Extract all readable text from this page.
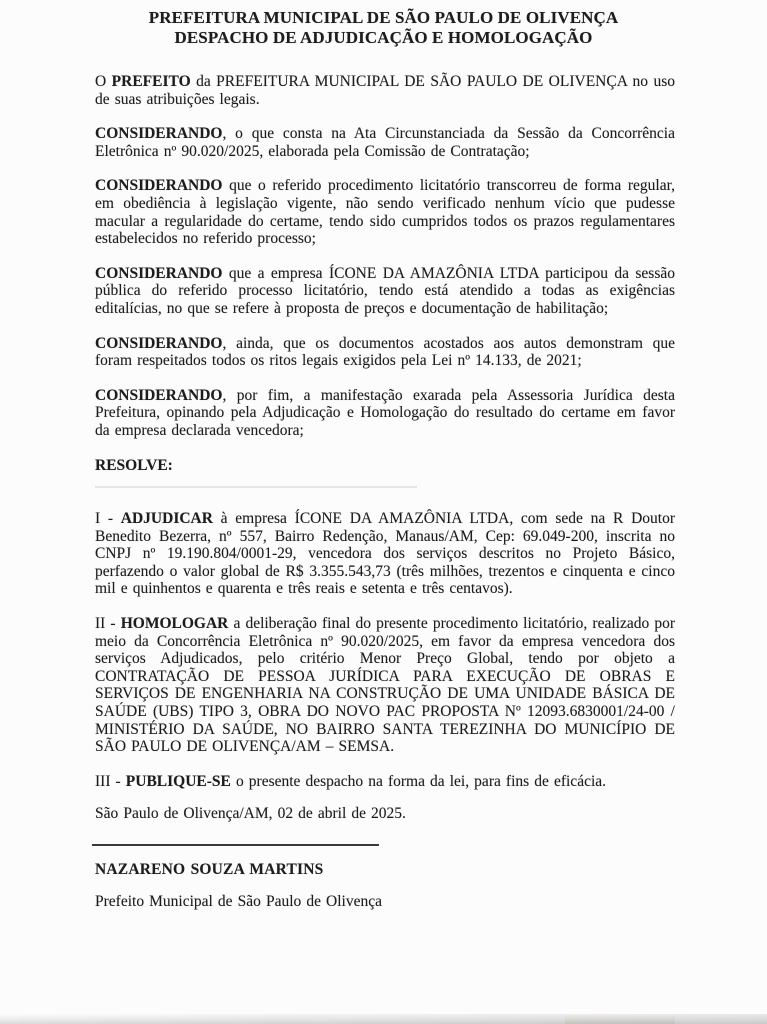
PREFEITURA MUNICIPAL DE SÃO PAULO DE OLIVENÇA
DESPACHO DE ADJUDICAÇÃO E HOMOLOGAÇÃO

O PREFEITO da PREFEITURA MUNICIPAL DE SÃO PAULO DE OLIVENÇA no uso de suas atribuições legais.

CONSIDERANDO, o que consta na Ata Circunstanciada da Sessão da Concorrência Eletrônica nº 90.020/2025, elaborada pela Comissão de Contratação;

CONSIDERANDO que o referido procedimento licitatório transcorreu de forma regular, em obediência à legislação vigente, não sendo verificado nenhum vício que pudesse macular a regularidade do certame, tendo sido cumpridos todos os prazos regulamentares estabelecidos no referido processo;

CONSIDERANDO que a empresa ÍCONE DA AMAZÔNIA LTDA participou da sessão pública do referido processo licitatório, tendo está atendido a todas as exigências editalícias, no que se refere à proposta de preços e documentação de habilitação;

CONSIDERANDO, ainda, que os documentos acostados aos autos demonstram que foram respeitados todos os ritos legais exigidos pela Lei nº 14.133, de 2021;

CONSIDERANDO, por fim, a manifestação exarada pela Assessoria Jurídica desta Prefeitura, opinando pela Adjudicação e Homologação do resultado do certame em favor da empresa declarada vencedora;

RESOLVE:

I - ADJUDICAR à empresa ÍCONE DA AMAZÔNIA LTDA, com sede na R Doutor Benedito Bezerra, nº 557, Bairro Redenção, Manaus/AM, Cep: 69.049-200, inscrita no CNPJ nº 19.190.804/0001-29, vencedora dos serviços descritos no Projeto Básico, perfazendo o valor global de R$ 3.355.543,73 (três milhões, trezentos e cinquenta e cinco mil e quinhentos e quarenta e três reais e setenta e três centavos).

II - HOMOLOGAR a deliberação final do presente procedimento licitatório, realizado por meio da Concorrência Eletrônica nº 90.020/2025, em favor da empresa vencedora dos serviços Adjudicados, pelo critério Menor Preço Global, tendo por objeto a CONTRATAÇÃO DE PESSOA JURÍDICA PARA EXECUÇÃO DE OBRAS E SERVIÇOS DE ENGENHARIA NA CONSTRUÇÃO DE UMA UNIDADE BÁSICA DE SAÚDE (UBS) TIPO 3, OBRA DO NOVO PAC PROPOSTA Nº 12093.6830001/24-00 / MINISTÉRIO DA SAÚDE, NO BAIRRO SANTA TEREZINHA DO MUNICÍPIO DE SÃO PAULO DE OLIVENÇA/AM – SEMSA.

III - PUBLIQUE-SE o presente despacho na forma da lei, para fins de eficácia.

São Paulo de Olivença/AM, 02 de abril de 2025.

NAZARENO SOUZA MARTINS

Prefeito Municipal de São Paulo de Olivença
